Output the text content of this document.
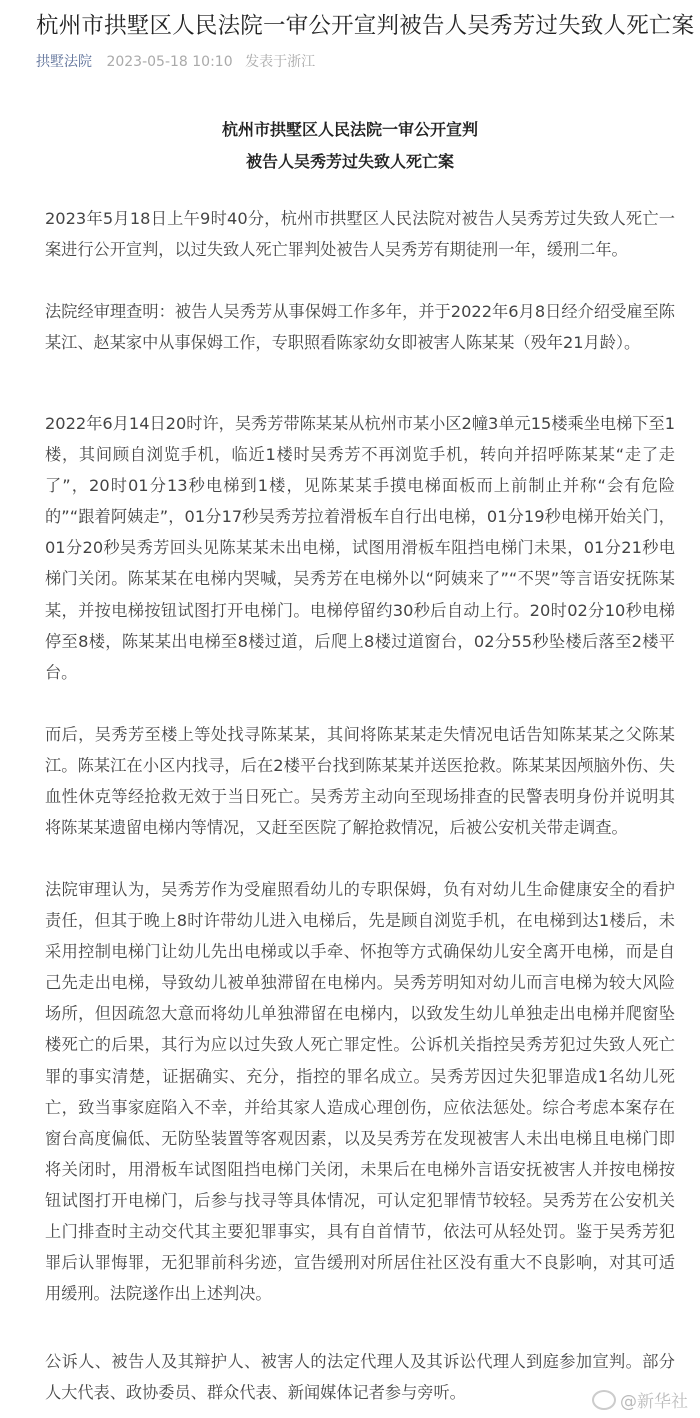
杭州市拱墅区人民法院一审公开宣判被告人吴秀芳过失致人死亡案
拱墅法院 2023-05-18 10:10 发表于浙江
杭州市拱墅区人民法院一审公开宣判
被告人吴秀芳过失致人死亡案
2023年5月18日上午9时40分，杭州市拱墅区人民法院对被告人吴秀芳过失致人死亡一案进行公开宣判，以过失致人死亡罪判处被告人吴秀芳有期徒刑一年，缓刑二年。
法院经审理查明：被告人吴秀芳从事保姆工作多年，并于2022年6月8日经介绍受雇至陈某江、赵某家中从事保姆工作，专职照看陈家幼女即被害人陈某某（殁年21月龄）。
2022年6月14日20时许，吴秀芳带陈某某从杭州市某小区2幢3单元15楼乘坐电梯下至1楼，其间顾自浏览手机，临近1楼时吴秀芳不再浏览手机，转向并招呼陈某某“走了走了”，20时01分13秒电梯到1楼，见陈某某手摸电梯面板而上前制止并称“会有危险的”“跟着阿姨走”，01分17秒吴秀芳拉着滑板车自行出电梯，01分19秒电梯开始关门，01分20秒吴秀芳回头见陈某某未出电梯，试图用滑板车阻挡电梯门未果，01分21秒电梯门关闭。陈某某在电梯内哭喊，吴秀芳在电梯外以“阿姨来了”“不哭”等言语安抚陈某某，并按电梯按钮试图打开电梯门。电梯停留约30秒后自动上行。20时02分10秒电梯停至8楼，陈某某出电梯至8楼过道，后爬上8楼过道窗台，02分55秒坠楼后落至2楼平台。
而后，吴秀芳至楼上等处找寻陈某某，其间将陈某某走失情况电话告知陈某某之父陈某江。陈某江在小区内找寻，后在2楼平台找到陈某某并送医抢救。陈某某因颅脑外伤、失血性休克等经抢救无效于当日死亡。吴秀芳主动向至现场排查的民警表明身份并说明其将陈某某遗留电梯内等情况，又赶至医院了解抢救情况，后被公安机关带走调查。
法院审理认为，吴秀芳作为受雇照看幼儿的专职保姆，负有对幼儿生命健康安全的看护责任，但其于晚上8时许带幼儿进入电梯后，先是顾自浏览手机，在电梯到达1楼后，未采用控制电梯门让幼儿先出电梯或以手牵、怀抱等方式确保幼儿安全离开电梯，而是自己先走出电梯，导致幼儿被单独滞留在电梯内。吴秀芳明知对幼儿而言电梯为较大风险场所，但因疏忽大意而将幼儿单独滞留在电梯内，以致发生幼儿单独走出电梯并爬窗坠楼死亡的后果，其行为应以过失致人死亡罪定性。公诉机关指控吴秀芳犯过失致人死亡罪的事实清楚，证据确实、充分，指控的罪名成立。吴秀芳因过失犯罪造成1名幼儿死亡，致当事家庭陷入不幸，并给其家人造成心理创伤，应依法惩处。综合考虑本案存在窗台高度偏低、无防坠装置等客观因素，以及吴秀芳在发现被害人未出电梯且电梯门即将关闭时，用滑板车试图阻挡电梯门关闭，未果后在电梯外言语安抚被害人并按电梯按钮试图打开电梯门，后参与找寻等具体情况，可认定犯罪情节较轻。吴秀芳在公安机关上门排查时主动交代其主要犯罪事实，具有自首情节，依法可从轻处罚。鉴于吴秀芳犯罪后认罪悔罪，无犯罪前科劣迹，宣告缓刑对所居住社区没有重大不良影响，对其可适用缓刑。法院遂作出上述判决。
公诉人、被告人及其辩护人、被害人的法定代理人及其诉讼代理人到庭参加宣判。部分人大代表、政协委员、群众代表、新闻媒体记者参与旁听。	@新华社
